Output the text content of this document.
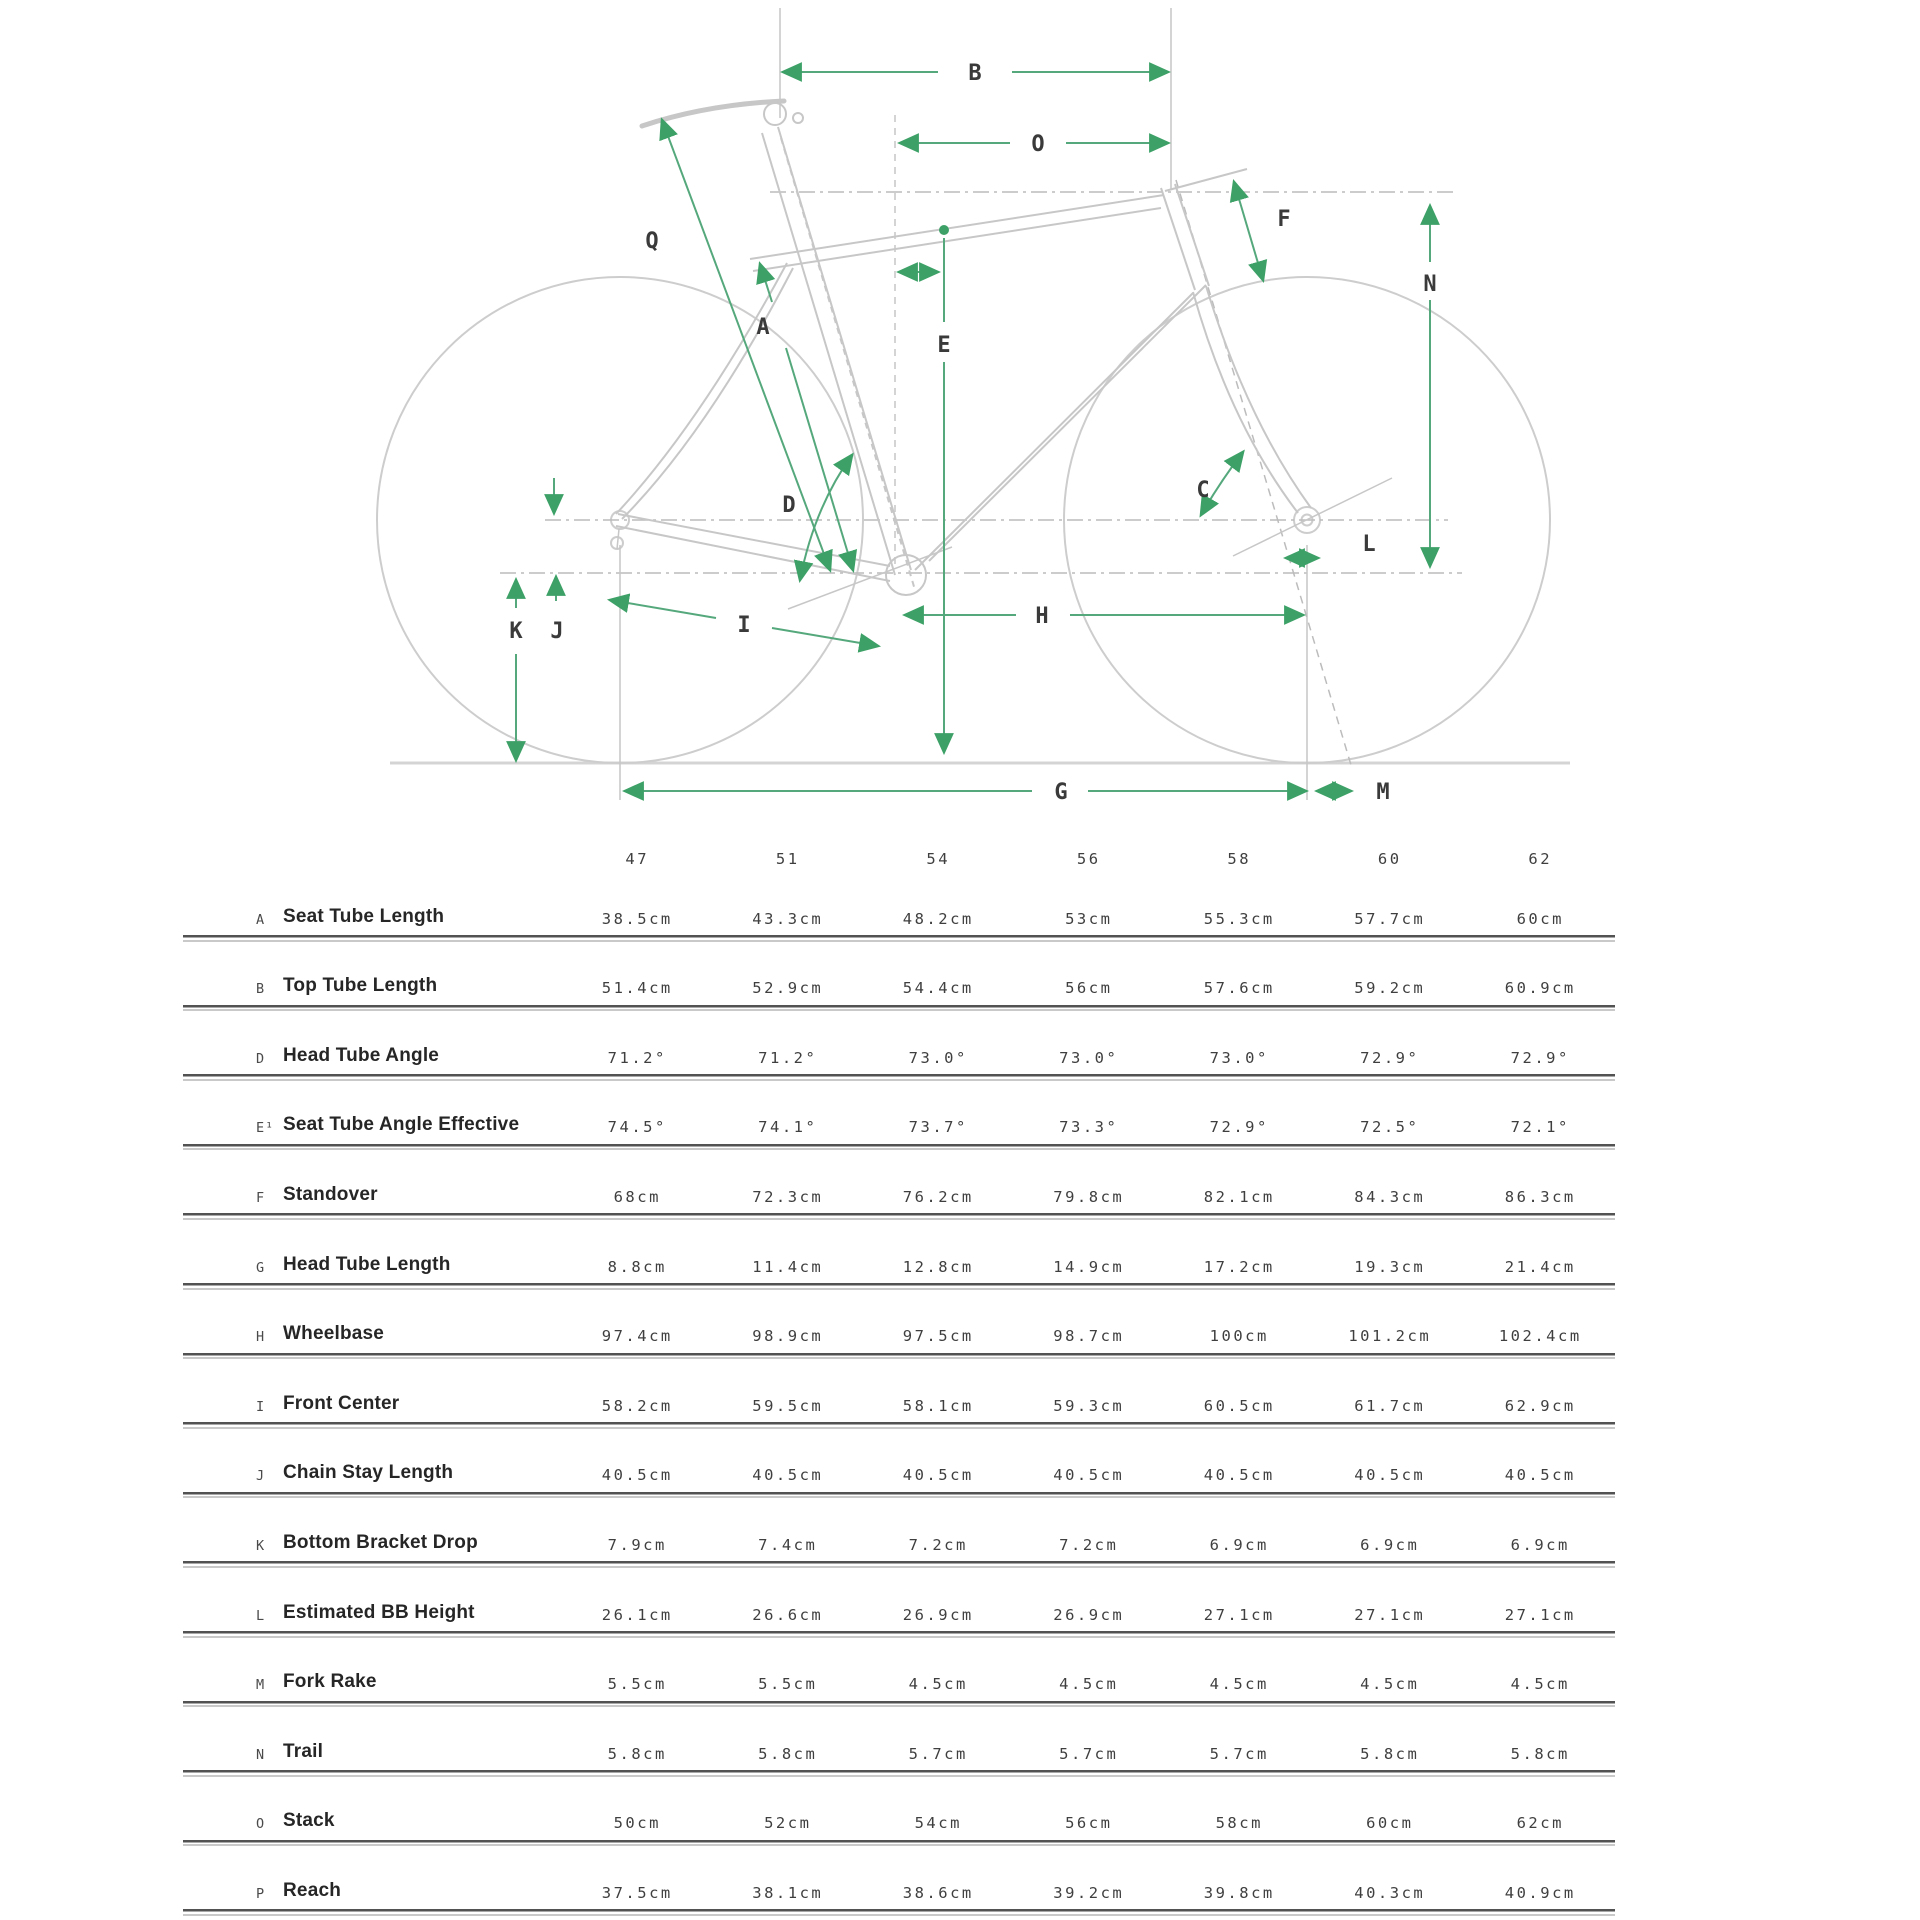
B
O
Q
A
E
F
N
D
C
L
K J	I	H
G	M
47	51	54	56	58	60	62
A Seat Tube Length	38.5cm	43.3cm	48.2cm	53cm	55.3cm	57.7cm	60cm
B Top Tube Length	51.4cm	52.9cm	54.4cm	56cm	57.6cm	59.2cm	60.9cm
D Head Tube Angle	71.2°	71.2°	73.0°	73.0°	73.0°	72.9°	72.9°
E¹ Seat Tube Angle Effective	74.5°	74.1°	73.7°	73.3°	72.9°	72.5°	72.1°
F Standover	68cm	72.3cm	76.2cm	79.8cm	82.1cm	84.3cm	86.3cm
G Head Tube Length	8.8cm	11.4cm	12.8cm	14.9cm	17.2cm	19.3cm	21.4cm
H Wheelbase	97.4cm	98.9cm	97.5cm	98.7cm	100cm	101.2cm	102.4cm
I Front Center	58.2cm	59.5cm	58.1cm	59.3cm	60.5cm	61.7cm	62.9cm
J Chain Stay Length	40.5cm	40.5cm	40.5cm	40.5cm	40.5cm	40.5cm	40.5cm
K Bottom Bracket Drop	7.9cm	7.4cm	7.2cm	7.2cm	6.9cm	6.9cm	6.9cm
L Estimated BB Height	26.1cm	26.6cm	26.9cm	26.9cm	27.1cm	27.1cm	27.1cm
M Fork Rake	5.5cm	5.5cm	4.5cm	4.5cm	4.5cm	4.5cm	4.5cm
N Trail	5.8cm	5.8cm	5.7cm	5.7cm	5.7cm	5.8cm	5.8cm
O Stack	50cm	52cm	54cm	56cm	58cm	60cm	62cm
P Reach	37.5cm	38.1cm	38.6cm	39.2cm	39.8cm	40.3cm	40.9cm
